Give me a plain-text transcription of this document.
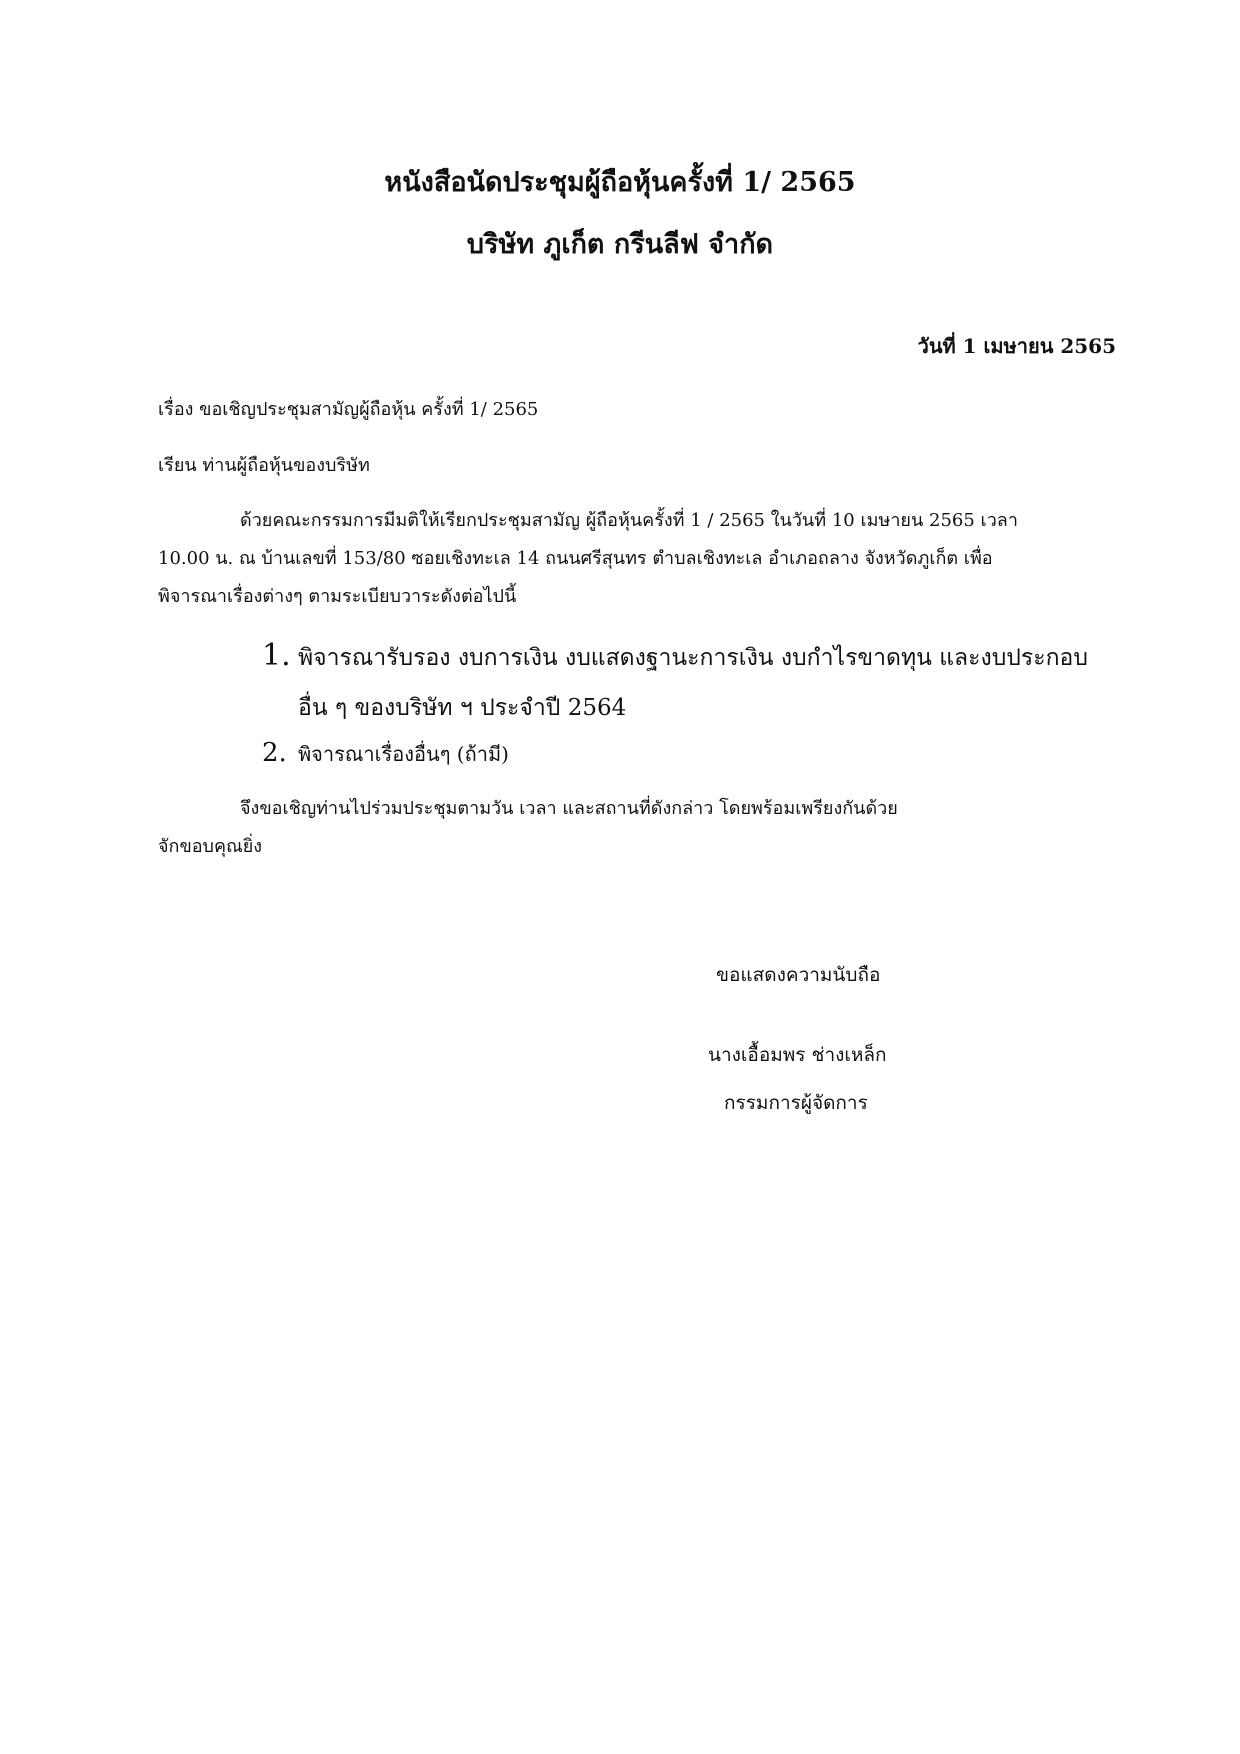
หนังสือนัดประชุมผู้ถือหุ้นครั้งที่ 1/ 2565
บริษัท ภูเก็ต กรีนลีฟ จำกัด
วันที่ 1 เมษายน 2565
เรื่อง ขอเชิญประชุมสามัญผู้ถือหุ้น ครั้งที่ 1/ 2565
เรียน ท่านผู้ถือหุ้นของบริษัท
ด้วยคณะกรรมการมีมติให้เรียกประชุมสามัญ ผู้ถือหุ้นครั้งที่ 1 / 2565 ในวันที่ 10 เมษายน 2565 เวลา
10.00 น. ณ บ้านเลขที่ 153/80 ซอยเชิงทะเล 14 ถนนศรีสุนทร ตำบลเชิงทะเล อำเภอถลาง จังหวัดภูเก็ต เพื่อ
พิจารณาเรื่องต่างๆ ตามระเบียบวาระดังต่อไปนี้
1. พิจารณารับรอง งบการเงิน งบแสดงฐานะการเงิน งบกำไรขาดทุน และงบประกอบ
อื่น ๆ ของบริษัท ฯ ประจำปี 2564
2. พิจารณาเรื่องอื่นๆ (ถ้ามี)
จึงขอเชิญท่านไปร่วมประชุมตามวัน เวลา และสถานที่ดังกล่าว โดยพร้อมเพรียงกันด้วย
จักขอบคุณยิ่ง
ขอแสดงความนับถือ
นางเอื้อมพร ช่างเหล็ก
กรรมการผู้จัดการ
